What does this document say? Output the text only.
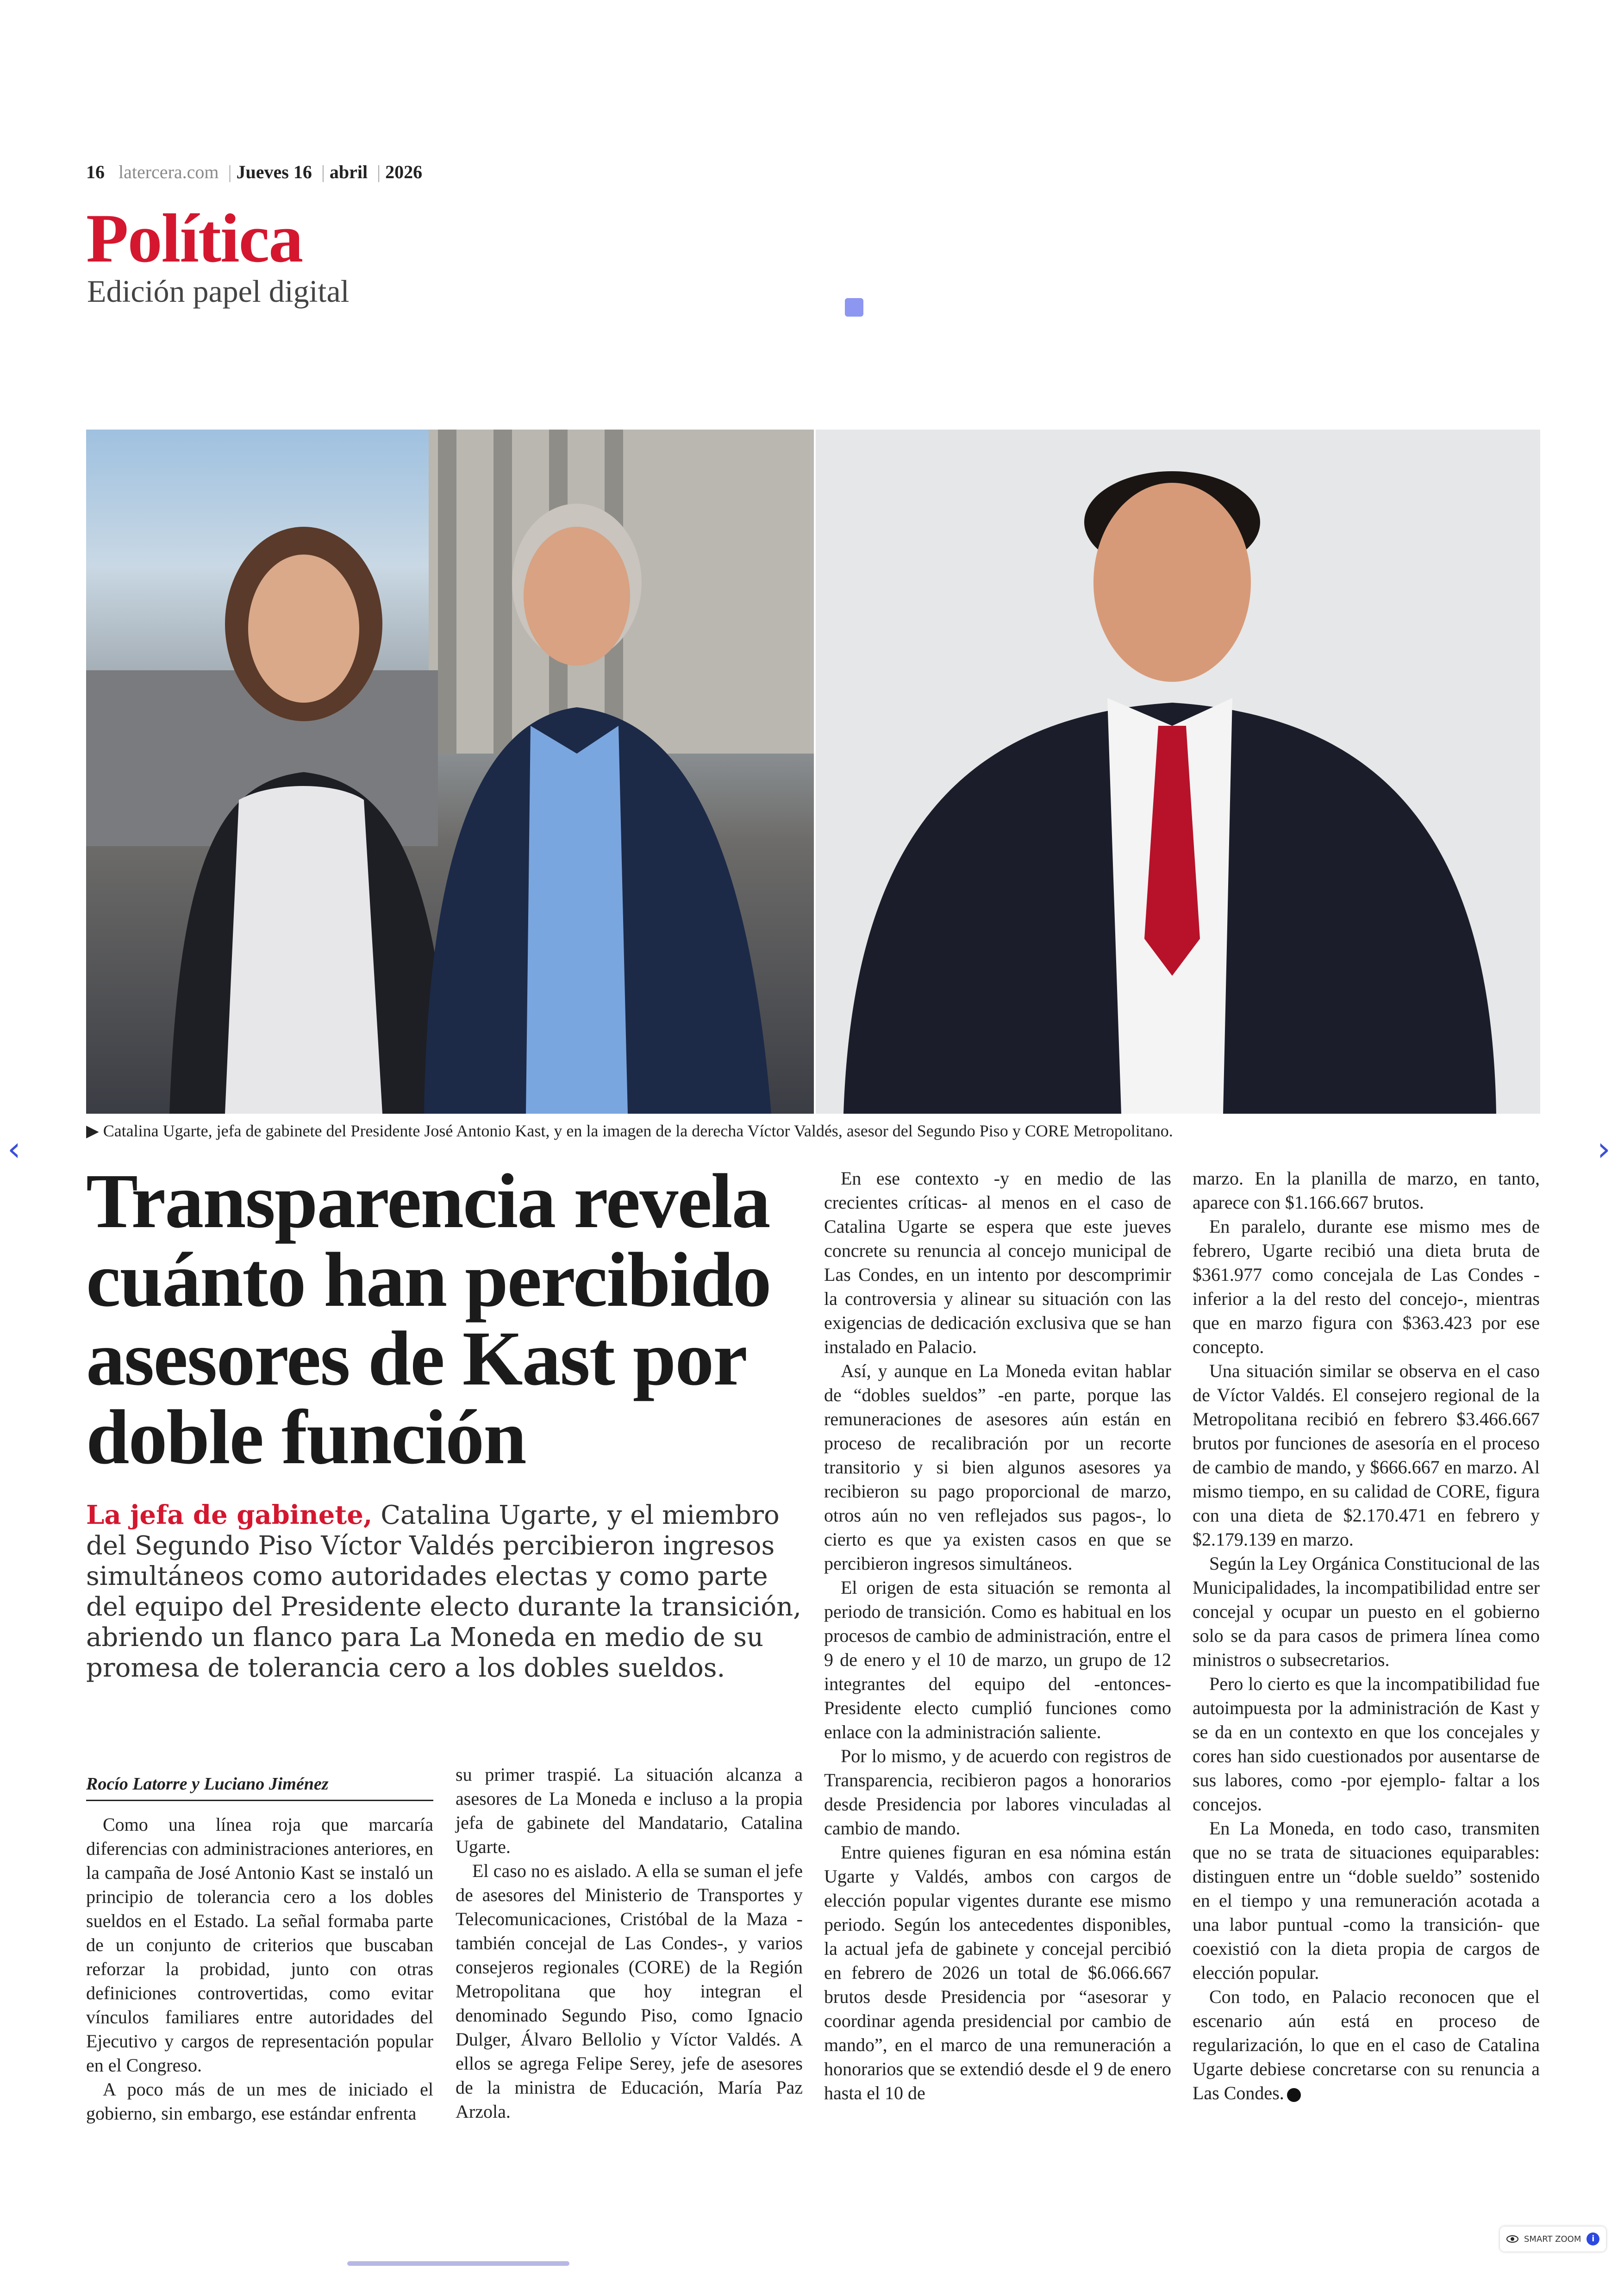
16 latercera.com | Jueves 16 | abril | 2026
Política
Edición papel digital
▶ Catalina Ugarte, jefa de gabinete del Presidente José Antonio Kast, y en la imagen de la derecha Víctor Valdés, asesor del Segundo Piso y CORE Metropolitano.
Transparencia revela cuánto han percibido asesores de Kast por doble función
La jefa de gabinete, Catalina Ugarte, y el miembro del Segundo Piso Víctor Valdés percibieron ingresos simultáneos como autoridades electas y como parte del equipo del Presidente electo durante la transición, abriendo un flanco para La Moneda en medio de su promesa de tolerancia cero a los dobles sueldos.
Rocío Latorre y Luciano Jiménez

Como una línea roja que marcaría diferencias con administraciones anteriores, en la campaña de José Antonio Kast se instaló un principio de tolerancia cero a los dobles sueldos en el Estado. La señal formaba parte de un conjunto de criterios que buscaban reforzar la probidad, junto con otras definiciones controvertidas, como evitar vínculos familiares entre autoridades del Ejecutivo y cargos de representación popular en el Congreso.

A poco más de un mes de iniciado el gobierno, sin embargo, ese estándar enfrenta

su primer traspié. La situación alcanza a asesores de La Moneda e incluso a la propia jefa de gabinete del Mandatario, Catalina Ugarte.

El caso no es aislado. A ella se suman el jefe de asesores del Ministerio de Transportes y Telecomunicaciones, Cristóbal de la Maza -también concejal de Las Condes-, y varios consejeros regionales (CORE) de la Región Metropolitana que hoy integran el denominado Segundo Piso, como Ignacio Dulger, Álvaro Bellolio y Víctor Valdés. A ellos se agrega Felipe Serey, jefe de asesores de la ministra de Educación, María Paz Arzola.

En ese contexto -y en medio de las crecientes críticas- al menos en el caso de Catalina Ugarte se espera que este jueves concrete su renuncia al concejo municipal de Las Condes, en un intento por descomprimir la controversia y alinear su situación con las exigencias de dedicación exclusiva que se han instalado en Palacio.

Así, y aunque en La Moneda evitan hablar de “dobles sueldos” -en parte, porque las remuneraciones de asesores aún están en proceso de recalibración por un recorte transitorio y si bien algunos asesores ya recibieron su pago proporcional de marzo, otros aún no ven reflejados sus pagos-, lo cierto es que ya existen casos en que se percibieron ingresos simultáneos.

El origen de esta situación se remonta al periodo de transición. Como es habitual en los procesos de cambio de administración, entre el 9 de enero y el 10 de marzo, un grupo de 12 integrantes del equipo del -entonces- Presidente electo cumplió funciones como enlace con la administración saliente.

Por lo mismo, y de acuerdo con registros de Transparencia, recibieron pagos a honorarios desde Presidencia por labores vinculadas al cambio de mando.

Entre quienes figuran en esa nómina están Ugarte y Valdés, ambos con cargos de elección popular vigentes durante ese mismo periodo. Según los antecedentes disponibles, la actual jefa de gabinete y concejal percibió en febrero de 2026 un total de $6.066.667 brutos desde Presidencia por “asesorar y coordinar agenda presidencial por cambio de mando”, en el marco de una remuneración a honorarios que se extendió desde el 9 de enero hasta el 10 de

marzo. En la planilla de marzo, en tanto, aparece con $1.166.667 brutos.

En paralelo, durante ese mismo mes de febrero, Ugarte recibió una dieta bruta de $361.977 como concejala de Las Condes -inferior a la del resto del concejo-, mientras que en marzo figura con $363.423 por ese concepto.

Una situación similar se observa en el caso de Víctor Valdés. El consejero regional de la Metropolitana recibió en febrero $3.466.667 brutos por funciones de asesoría en el proceso de cambio de mando, y $666.667 en marzo. Al mismo tiempo, en su calidad de CORE, figura con una dieta de $2.170.471 en febrero y $2.179.139 en marzo.

Según la Ley Orgánica Constitucional de las Municipalidades, la incompatibilidad entre ser concejal y ocupar un puesto en el gobierno solo se da para casos de primera línea como ministros o subsecretarios.

Pero lo cierto es que la incompatibilidad fue autoimpuesta por la administración de Kast y se da en un contexto en que los concejales y cores han sido cuestionados por ausentarse de sus labores, como -por ejemplo- faltar a los concejos.

En La Moneda, en todo caso, transmiten que no se trata de situaciones equiparables: distinguen entre un “doble sueldo” sostenido en el tiempo y una remuneración acotada a una labor puntual -como la transición- que coexistió con la dieta propia de cargos de elección popular.

Con todo, en Palacio reconocen que el escenario aún está en proceso de regularización, lo que en el caso de Catalina Ugarte debiese concretarse con su renuncia a Las Condes.

‹	›
SMART ZOOM	i
